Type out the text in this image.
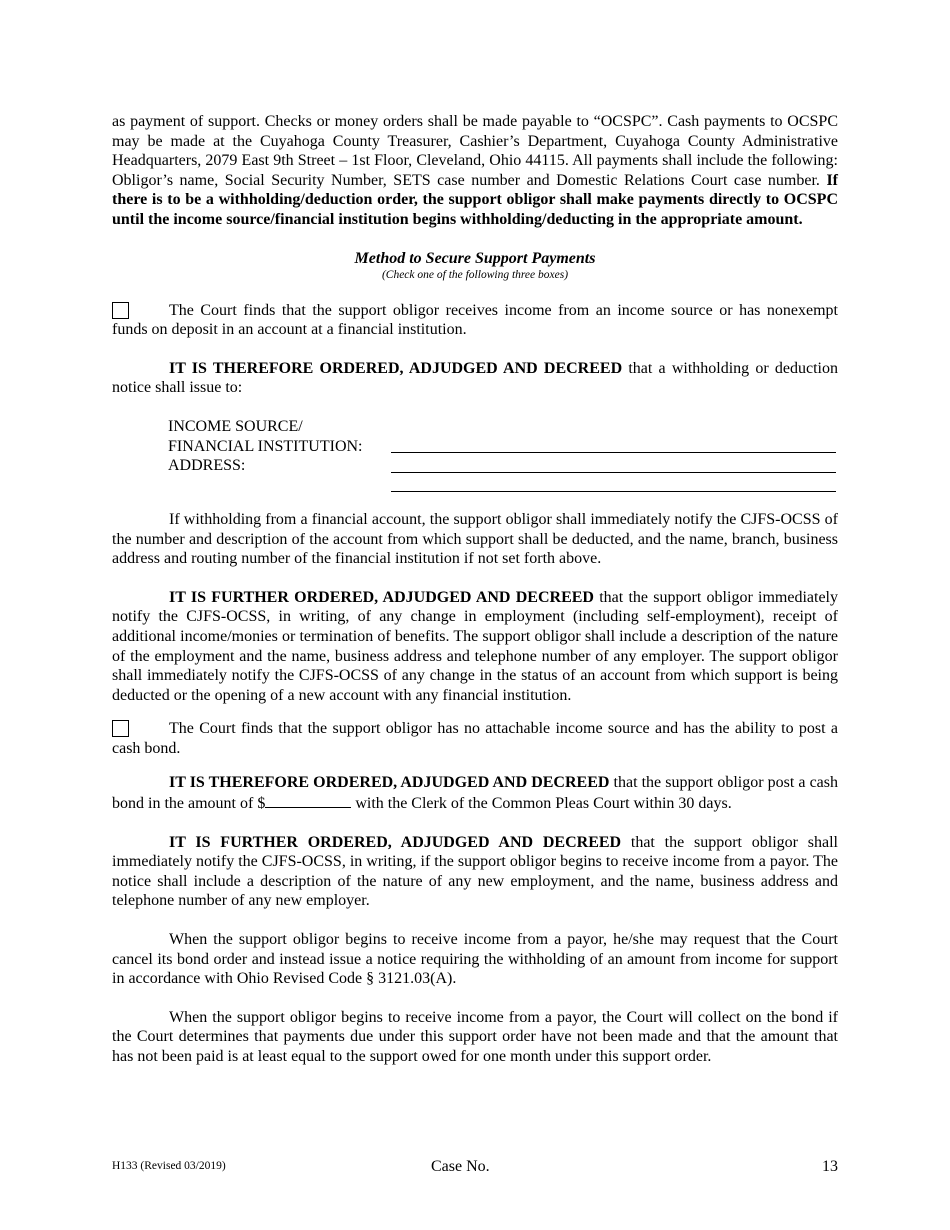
as payment of support. Checks or money orders shall be made payable to “OCSPC”. Cash payments to OCSPC may be made at the Cuyahoga County Treasurer, Cashier’s Department, Cuyahoga County Administrative Headquarters, 2079 East 9th Street – 1st Floor, Cleveland, Ohio 44115. All payments shall include the following: Obligor’s name, Social Security Number, SETS case number and Domestic Relations Court case number. If there is to be a withholding/deduction order, the support obligor shall make payments directly to OCSPC until the income source/financial institution begins withholding/deducting in the appropriate amount.

Method to Secure Support Payments
(Check one of the following three boxes)

The Court finds that the support obligor receives income from an income source or has nonexempt funds on deposit in an account at a financial institution.

IT IS THEREFORE ORDERED, ADJUDGED AND DECREED that a withholding or deduction notice shall issue to:

INCOME SOURCE/
FINANCIAL INSTITUTION:
ADDRESS:

If withholding from a financial account, the support obligor shall immediately notify the CJFS-OCSS of the number and description of the account from which support shall be deducted, and the name, branch, business address and routing number of the financial institution if not set forth above.

IT IS FURTHER ORDERED, ADJUDGED AND DECREED that the support obligor immediately notify the CJFS-OCSS, in writing, of any change in employment (including self-employment), receipt of additional income/monies or termination of benefits. The support obligor shall include a description of the nature of the employment and the name, business address and telephone number of any employer. The support obligor shall immediately notify the CJFS-OCSS of any change in the status of an account from which support is being deducted or the opening of a new account with any financial institution.

The Court finds that the support obligor has no attachable income source and has the ability to post a cash bond.

IT IS THEREFORE ORDERED, ADJUDGED AND DECREED that the support obligor post a cash bond in the amount of $	with the Clerk of the Common Pleas Court within 30 days.

IT IS FURTHER ORDERED, ADJUDGED AND DECREED that the support obligor shall immediately notify the CJFS-OCSS, in writing, if the support obligor begins to receive income from a payor. The notice shall include a description of the nature of any new employment, and the name, business address and telephone number of any new employer.

When the support obligor begins to receive income from a payor, he/she may request that the Court cancel its bond order and instead issue a notice requiring the withholding of an amount from income for support in accordance with Ohio Revised Code § 3121.03(A).

When the support obligor begins to receive income from a payor, the Court will collect on the bond if the Court determines that payments due under this support order have not been made and that the amount that has not been paid is at least equal to the support owed for one month under this support order.

H133 (Revised 03/2019)	Case No.	13
